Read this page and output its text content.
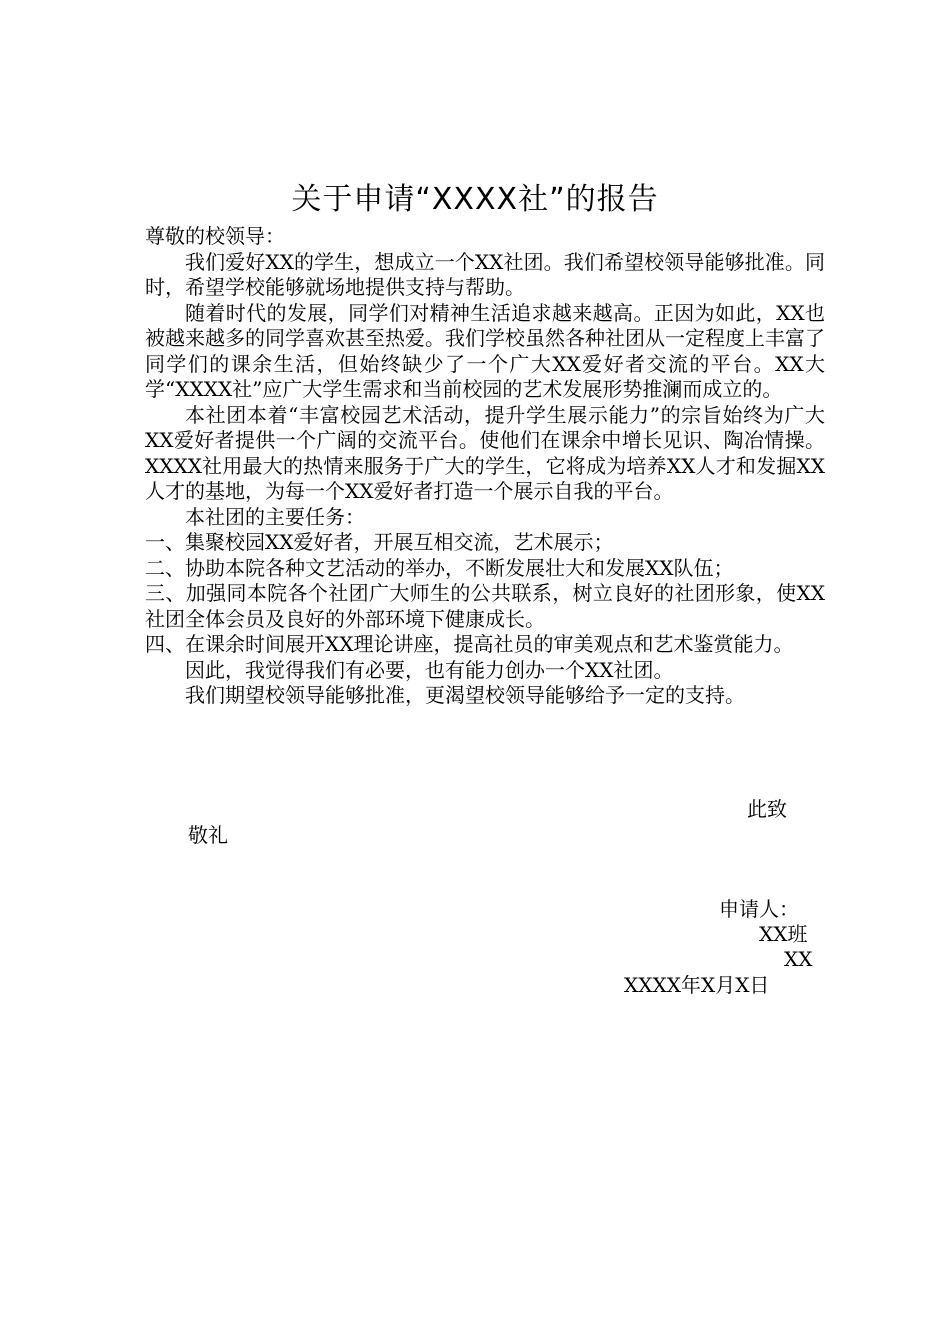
关于申请“XXXX社”的报告

尊敬的校领导：

我们爱好XX的学生，想成立一个XX社团。我们希望校领导能够批准。同时，希望学校能够就场地提供支持与帮助。

随着时代的发展，同学们对精神生活追求越来越高。正因为如此，XX也被越来越多的同学喜欢甚至热爱。我们学校虽然各种社团从一定程度上丰富了同学们的课余生活，但始终缺少了一个广大XX爱好者交流的平台。XX大学“XXXX社”应广大学生需求和当前校园的艺术发展形势推澜而成立的。

本社团本着“丰富校园艺术活动，提升学生展示能力”的宗旨始终为广大XX爱好者提供一个广阔的交流平台。使他们在课余中增长见识、陶冶情操。XXXX社用最大的热情来服务于广大的学生，它将成为培养XX人才和发掘XX人才的基地，为每一个XX爱好者打造一个展示自我的平台。

本社团的主要任务：

一、集聚校园XX爱好者，开展互相交流，艺术展示；

二、协助本院各种文艺活动的举办，不断发展壮大和发展XX队伍；

三、加强同本院各个社团广大师生的公共联系，树立良好的社团形象，使XX社团全体会员及良好的外部环境下健康成长。

四、在课余时间展开XX理论讲座，提高社员的审美观点和艺术鉴赏能力。

因此，我觉得我们有必要，也有能力创办一个XX社团。

我们期望校领导能够批准，更渴望校领导能够给予一定的支持。

此致
敬礼
申请人：
XX班
XX
XXXX年X月X日
